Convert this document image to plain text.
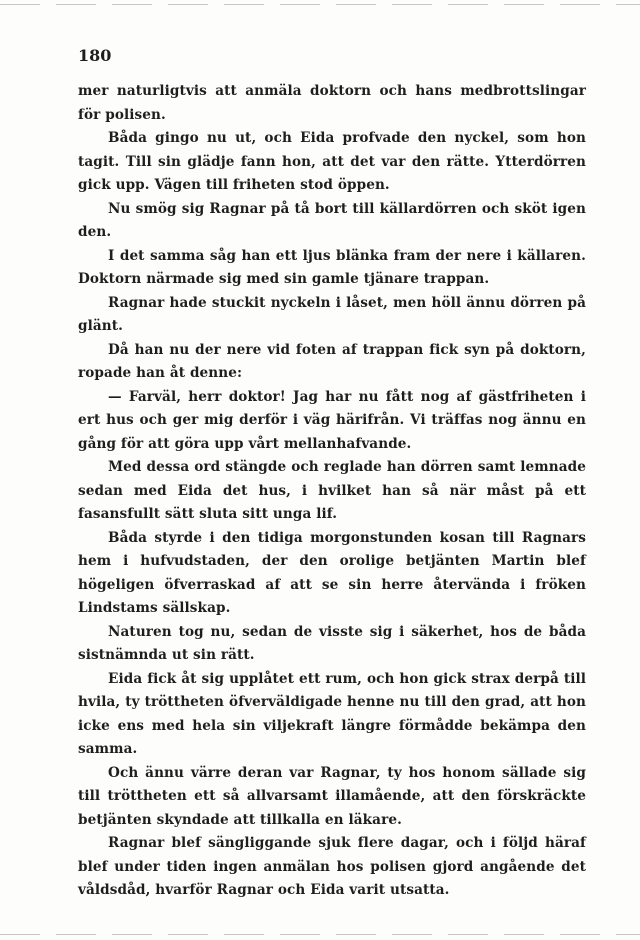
180

mer naturligtvis att anmäla doktorn och hans medbrottslingar för polisen.

Båda gingo nu ut, och Eida profvade den nyckel, som hon tagit. Till sin glädje fann hon, att det var den rätte. Ytterdörren gick upp. Vägen till friheten stod öppen.

Nu smög sig Ragnar på tå bort till källardörren och sköt igen den.

I det samma såg han ett ljus blänka fram der nere i källaren. Doktorn närmade sig med sin gamle tjänare trappan.

Ragnar hade stuckit nyckeln i låset, men höll ännu dörren på glänt.

Då han nu der nere vid foten af trappan fick syn på doktorn, ropade han åt denne:

— Farväl, herr doktor! Jag har nu fått nog af gästfriheten i ert hus och ger mig derför i väg härifrån. Vi träffas nog ännu en gång för att göra upp vårt mellanhafvande.

Med dessa ord stängde och reglade han dörren samt lemnade sedan med Eida det hus, i hvilket han så när måst på ett fasansfullt sätt sluta sitt unga lif.

Båda styrde i den tidiga morgonstunden kosan till Ragnars hem i hufvudstaden, der den orolige betjänten Martin blef högeligen öfverraskad af att se sin herre återvända i fröken Lindstams sällskap.

Naturen tog nu, sedan de visste sig i säkerhet, hos de båda sistnämnda ut sin rätt.

Eida fick åt sig upplåtet ett rum, och hon gick strax derpå till hvila, ty tröttheten öfverväldigade henne nu till den grad, att hon icke ens med hela sin viljekraft längre förmådde bekämpa den samma.

Och ännu värre deran var Ragnar, ty hos honom sällade sig till tröttheten ett så allvarsamt illamående, att den förskräckte betjänten skyndade att tillkalla en läkare.

Ragnar blef sängliggande sjuk flere dagar, och i följd häraf blef under tiden ingen anmälan hos polisen gjord angående det våldsdåd, hvarför Ragnar och Eida varit utsatta.
